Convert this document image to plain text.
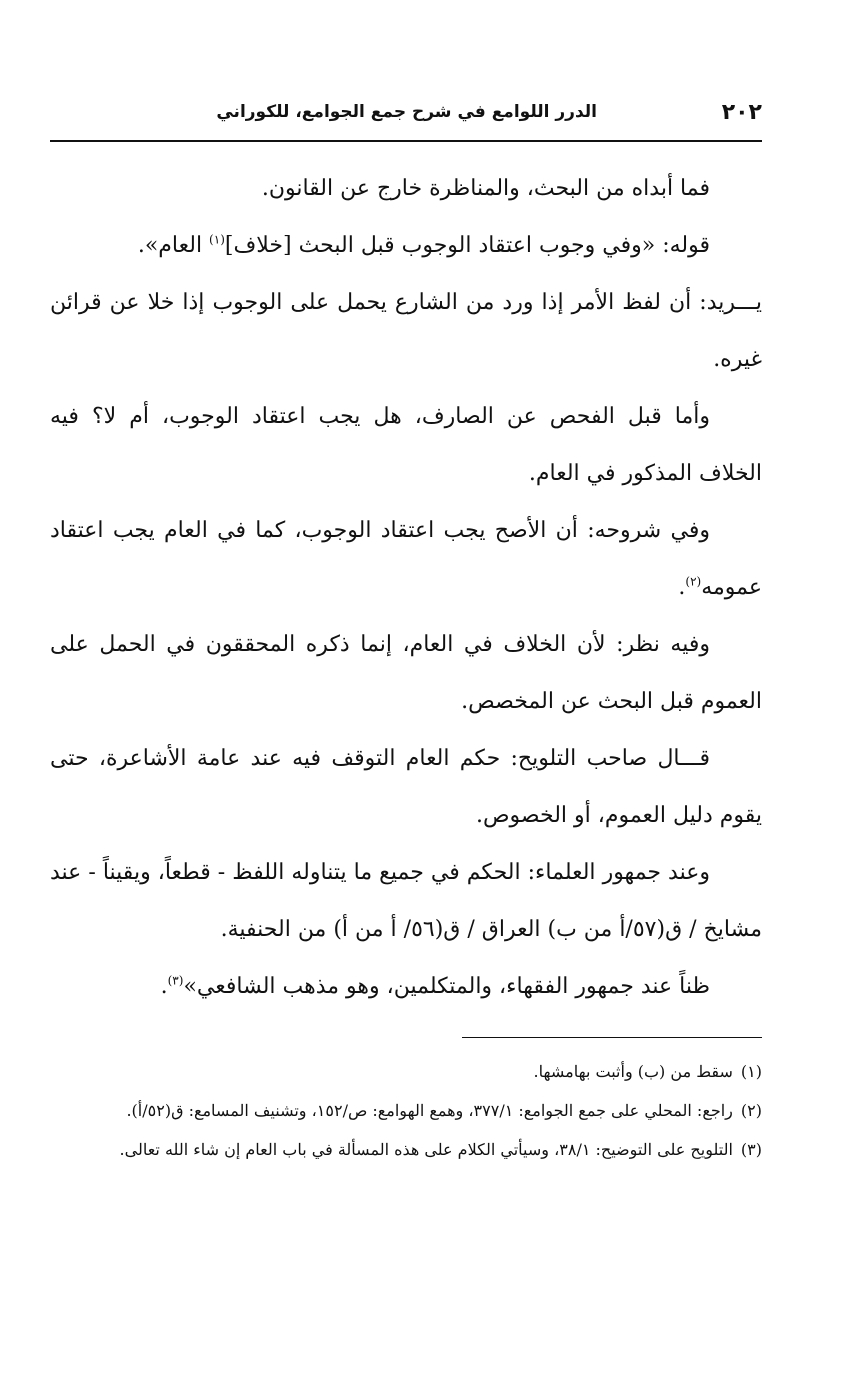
٢٠٢
الدرر اللوامع في شرح جمع الجوامع، للكوراني

فما أبداه من البحث، والمناظرة خارج عن القانون.

قوله: «وفي وجوب اعتقاد الوجوب قبل البحث [خلاف]$^{(١)}$ العام».

يـــريد: أن لفظ الأمر إذا ورد من الشارع يحمل على الوجوب إذا خلا عن قرائن غيره.

وأما قبل الفحص عن الصارف، هل يجب اعتقاد الوجوب، أم لا؟ فيه الخلاف المذكور في العام.

وفي شروحه: أن الأصح يجب اعتقاد الوجوب، كما في العام يجب اعتقاد عمومه$^{(٢)}$.

وفيه نظر: لأن الخلاف في العام، إنما ذكره المحققون في الحمل على العموم قبل البحث عن المخصص.

قـــال صاحب التلويح: حكم العام التوقف فيه عند عامة الأشاعرة، حتى يقوم دليل العموم، أو الخصوص.

وعند جمهور العلماء: الحكم في جميع ما يتناوله اللفظ - قطعاً، ويقيناً - عند مشايخ / ق(٥٧/أ من ب) العراق / ق(٥٦/ أ من أ) من الحنفية.

ظناً عند جمهور الفقهاء، والمتكلمين، وهو مذهب الشافعي»$^{(٣)}$.

(١)سقط من (ب) وأثبت بهامشها.

(٢)راجع: المحلي على جمع الجوامع: ٣٧٧/١، وهمع الهوامع: ص/١٥٢، وتشنيف المسامع: ق(٥٢/أ).

(٣)التلويح على التوضيح: ٣٨/١، وسيأتي الكلام على هذه المسألة في باب العام إن شاء الله تعالى.
